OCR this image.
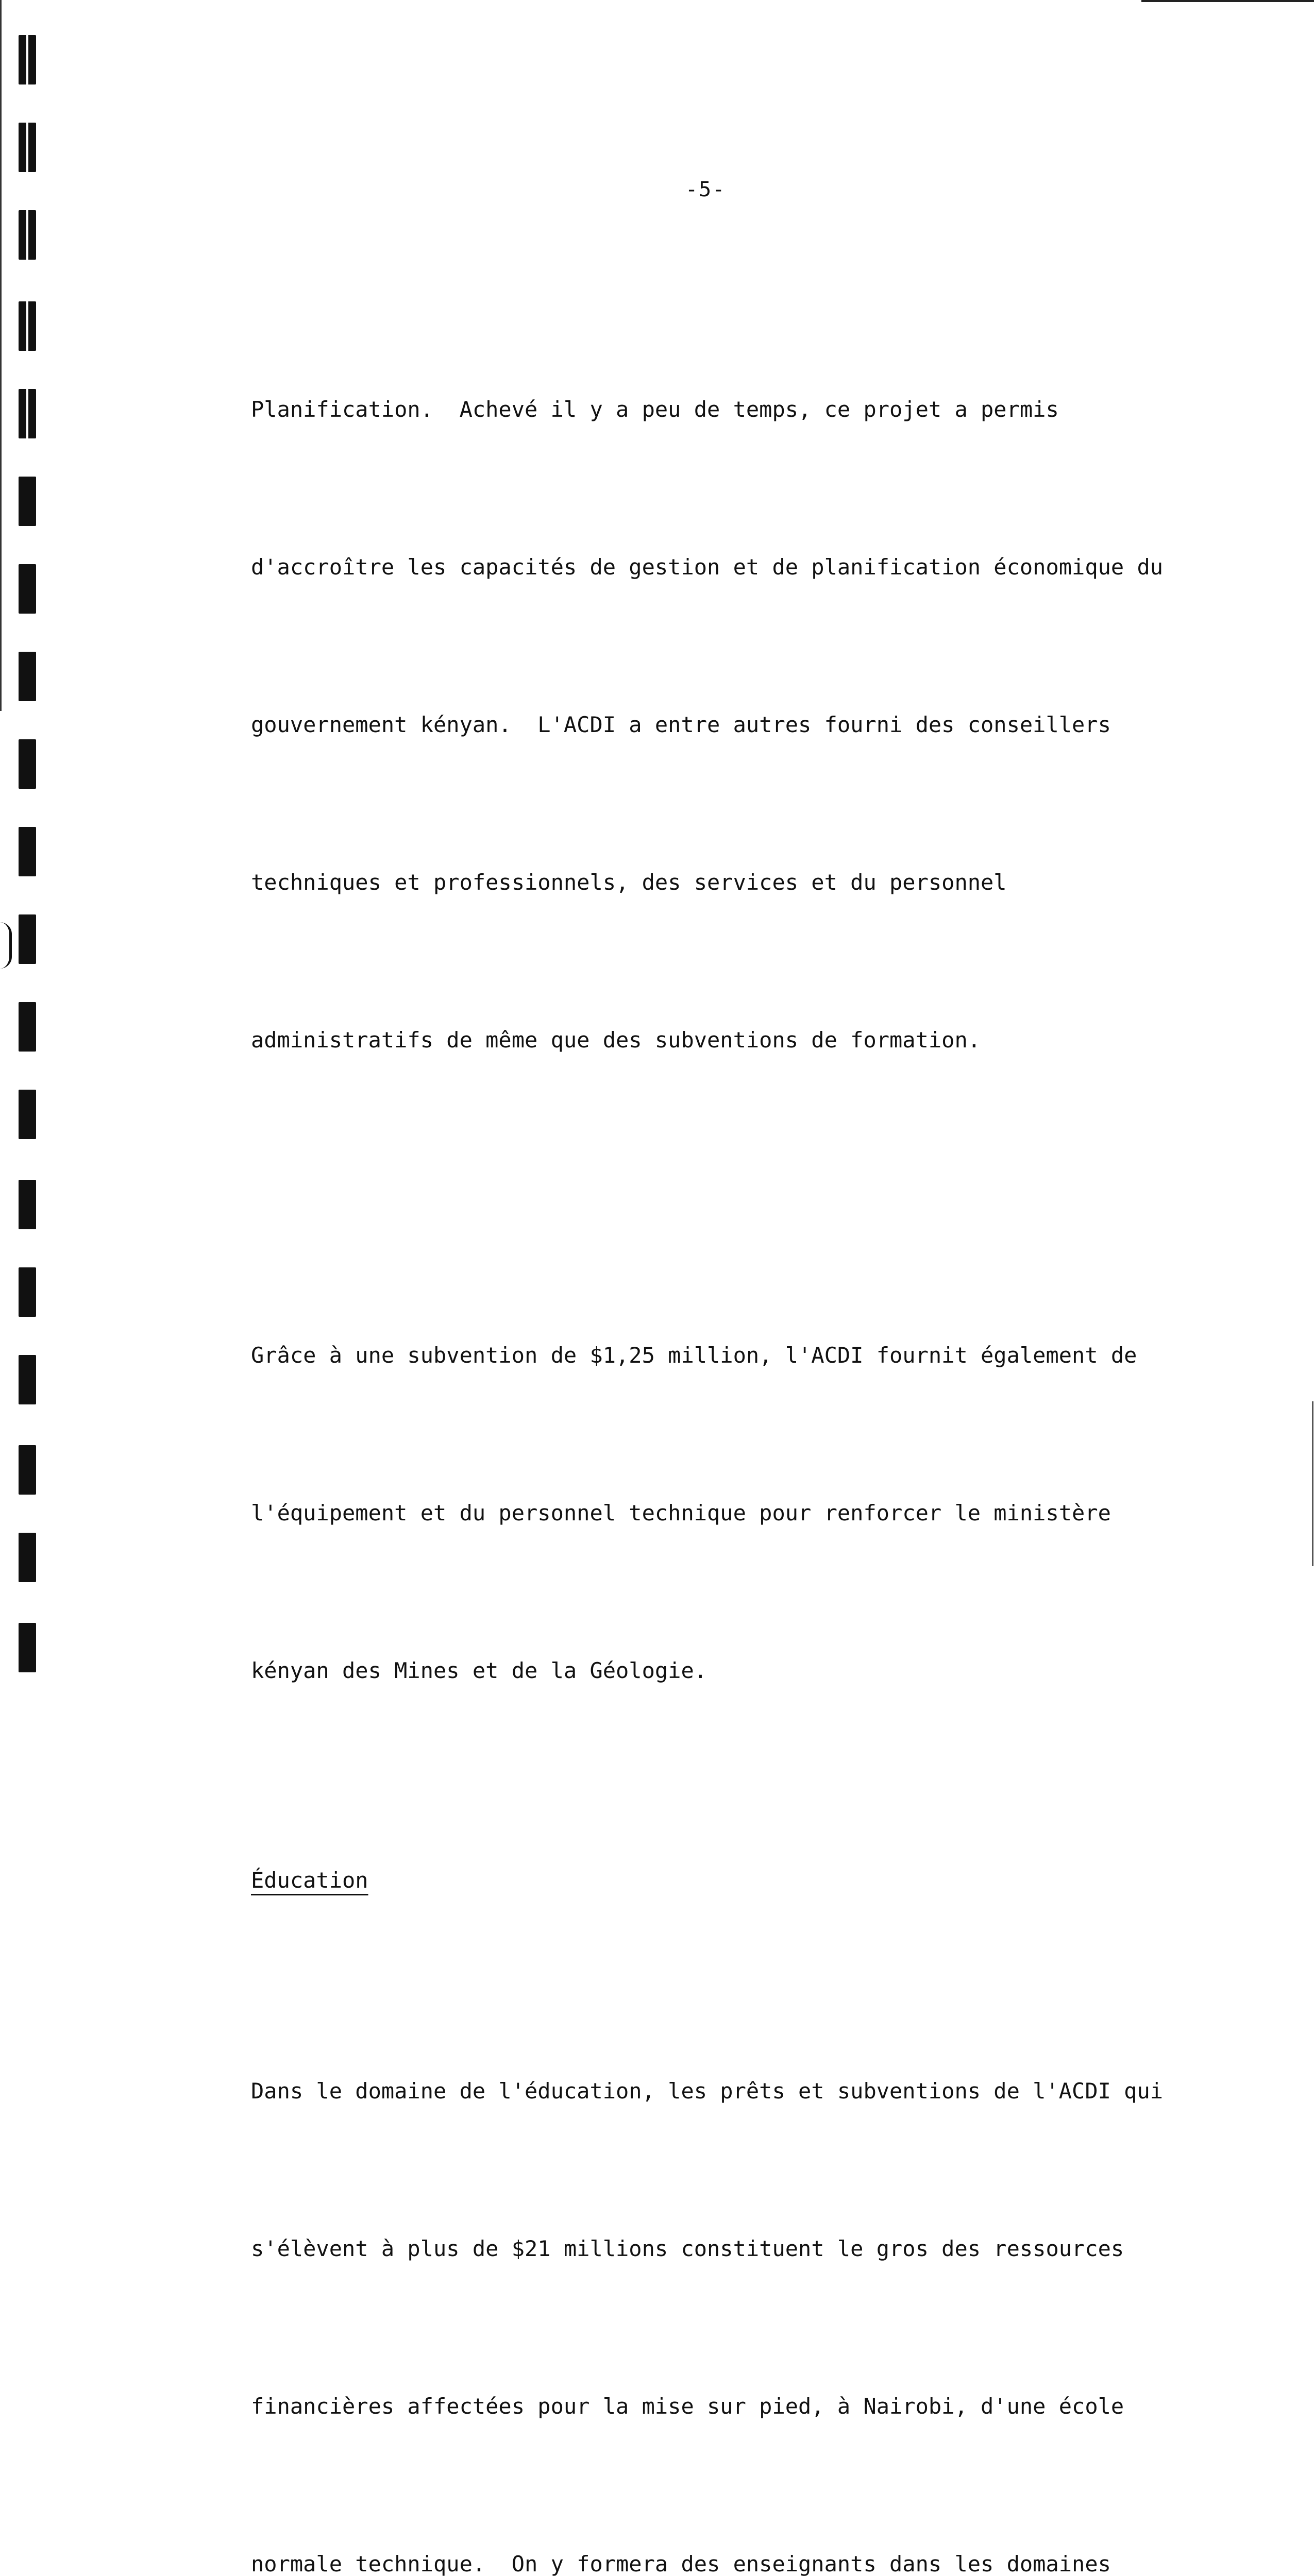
-5-

Planification.  Achevé il y a peu de temps, ce projet a permis

d'accroître les capacités de gestion et de planification économique du

gouvernement kényan.  L'ACDI a entre autres fourni des conseillers

techniques et professionnels, des services et du personnel

administratifs de même que des subventions de formation.

Grâce à une subvention de $1,25 million, l'ACDI fournit également de

l'équipement et du personnel technique pour renforcer le ministère

kényan des Mines et de la Géologie.

Éducation

Dans le domaine de l'éducation, les prêts et subventions de l'ACDI qui

s'élèvent à plus de $21 millions constituent le gros des ressources

financières affectées pour la mise sur pied, à Nairobi, d'une école

normale technique.  On y formera des enseignants dans les domaines
